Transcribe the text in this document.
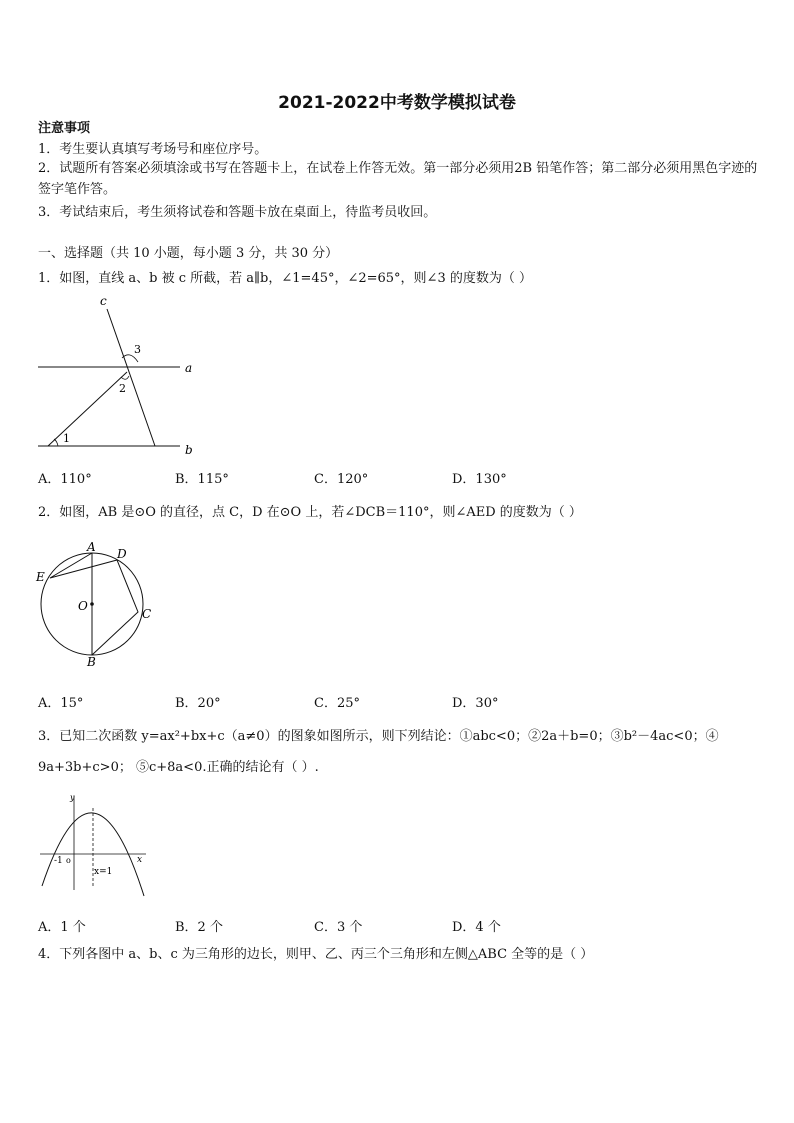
2021-2022中考数学模拟试卷
注意事项
1．考生要认真填写考场号和座位序号。
2．试题所有答案必须填涂或书写在答题卡上，在试卷上作答无效。第一部分必须用2B 铅笔作答；第二部分必须用黑色字迹的签字笔作答。
3．考试结束后，考生须将试卷和答题卡放在桌面上，待监考员收回。
一、选择题（共 10 小题，每小题 3 分，共 30 分）
1．如图，直线 a、b 被 c 所截，若 a∥b，∠1=45°，∠2=65°，则∠3 的度数为（ ）
c
a
b
1
2
3
A．110°	B．115°	C．120°	D．130°
2．如图，AB 是⊙O 的直径，点 C，D 在⊙O 上，若∠DCB＝110°，则∠AED 的度数为（ ）
A D
E
O
C
B
A．15°	B．20°	C．25°	D．30°
3．已知二次函数 y=ax²+bx+c（a≠0）的图象如图所示，则下列结论：①abc<0；②2a＋b=0；③b²－4ac<0；④
9a+3b+c>0； ⑤c+8a<0.正确的结论有（ ）.
y
x
-1 o
x=1
A．1 个	B．2 个	C．3 个	D．4 个
4．下列各图中 a、b、c 为三角形的边长，则甲、乙、丙三个三角形和左侧△ABC 全等的是（ ）
